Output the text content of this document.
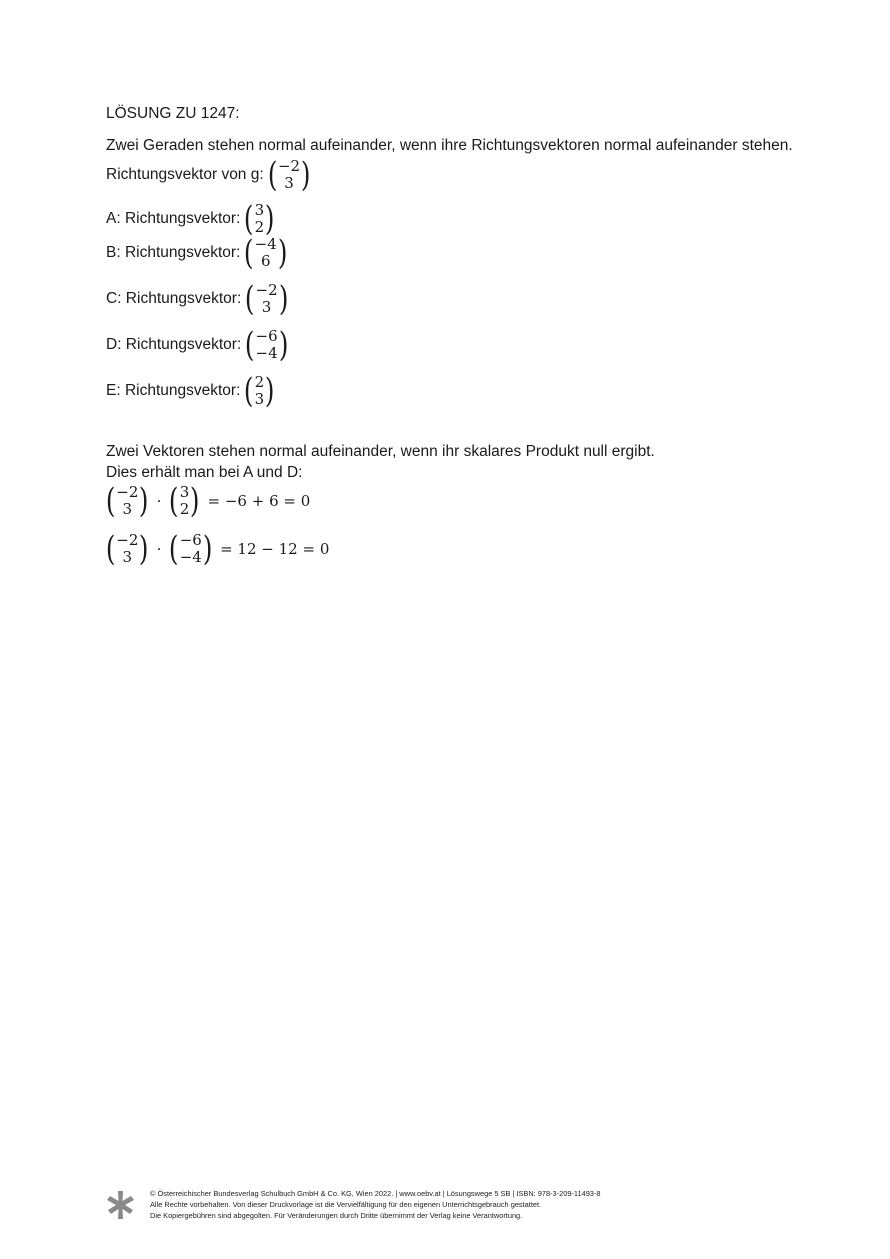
LÖSUNG ZU 1247:
Zwei Geraden stehen normal aufeinander, wenn ihre Richtungsvektoren normal aufeinander stehen.
Richtungsvektor von g: ( −2
3 )
A: Richtungsvektor: ( 3
2 )
B: Richtungsvektor: ( −4
6 )
C: Richtungsvektor: ( −2
3 )
D: Richtungsvektor: ( −6
−4 )
E: Richtungsvektor: ( 2
3 )
Zwei Vektoren stehen normal aufeinander, wenn ihr skalares Produkt null ergibt.
Dies erhält man bei A und D:
( −2
3 ) · ( 3
2 ) = −6 + 6 = 0
( −2
3 ) · ( −6
−4 ) = 12 − 12 = 0
© Österreichischer Bundesverlag Schulbuch GmbH & Co. KG, Wien 2022. | www.oebv.at | Lösungswege 5 SB | ISBN: 978-3-209-11493-8
Alle Rechte vorbehalten. Von dieser Druckvorlage ist die Vervielfältigung für den eigenen Unterrichtsgebrauch gestattet.
Die Kopiergebühren sind abgegolten. Für Veränderungen durch Dritte übernimmt der Verlag keine Verantwortung.
